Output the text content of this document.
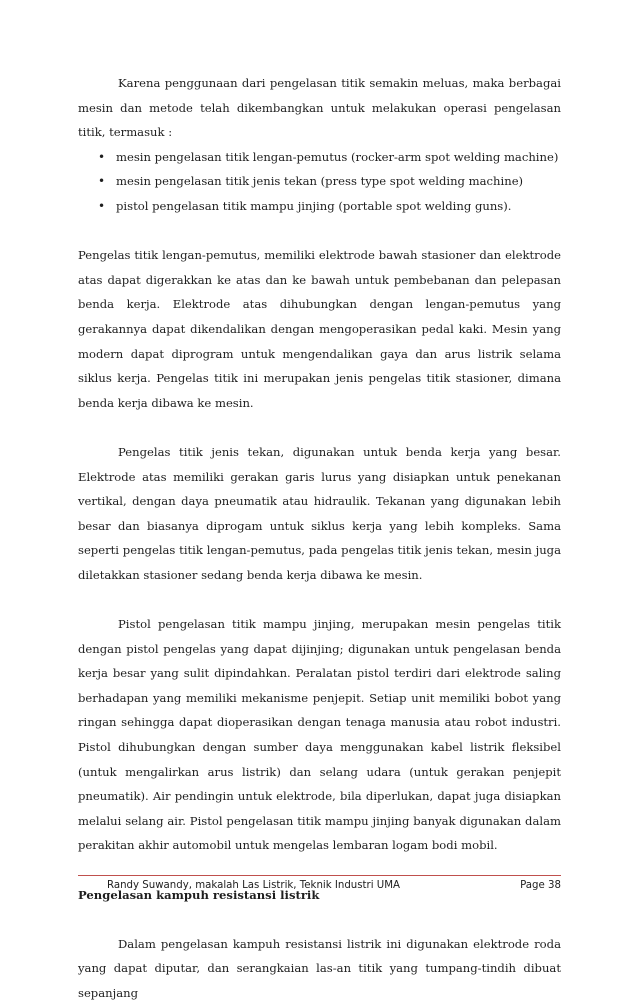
Karena penggunaan dari pengelasan titik semakin meluas, maka berbagai mesin dan metode telah dikembangkan untuk melakukan operasi pengelasan titik, termasuk :

• mesin pengelasan titik lengan-pemutus (rocker-arm spot welding machine)
• mesin pengelasan titik jenis tekan (press type spot welding machine)
• pistol pengelasan titik mampu jinjing (portable spot welding guns).

Pengelas titik lengan-pemutus, memiliki elektrode bawah stasioner dan elektrode atas dapat digerakkan ke atas dan ke bawah untuk pembebanan dan pelepasan benda kerja. Elektrode atas dihubungkan dengan lengan-pemutus yang gerakannya dapat dikendalikan dengan mengoperasikan pedal kaki. Mesin yang modern dapat diprogram untuk mengendalikan gaya dan arus listrik selama siklus kerja. Pengelas titik ini merupakan jenis pengelas titik stasioner, dimana benda kerja dibawa ke mesin.

Pengelas titik jenis tekan, digunakan untuk benda kerja yang besar. Elektrode atas memiliki gerakan garis lurus yang disiapkan untuk penekanan vertikal, dengan daya pneumatik atau hidraulik. Tekanan yang digunakan lebih besar dan biasanya diprogam untuk siklus kerja yang lebih kompleks. Sama seperti pengelas titik lengan-pemutus, pada pengelas titik jenis tekan, mesin juga diletakkan stasioner sedang benda kerja dibawa ke mesin.

Pistol pengelasan titik mampu jinjing, merupakan mesin pengelas titik dengan pistol pengelas yang dapat dijinjing; digunakan untuk pengelasan benda kerja besar yang sulit dipindahkan. Peralatan pistol terdiri dari elektrode saling berhadapan yang memiliki mekanisme penjepit. Setiap unit memiliki bobot yang ringan sehingga dapat dioperasikan dengan tenaga manusia atau robot industri. Pistol dihubungkan dengan sumber daya menggunakan kabel listrik fleksibel (untuk mengalirkan arus listrik) dan selang udara (untuk gerakan penjepit pneumatik). Air pendingin untuk elektrode, bila diperlukan, dapat juga disiapkan melalui selang air. Pistol pengelasan titik mampu jinjing banyak digunakan dalam perakitan akhir automobil untuk mengelas lembaran logam bodi mobil.

Pengelasan kampuh resistansi listrik

Dalam pengelasan kampuh resistansi listrik ini digunakan elektrode roda yang dapat diputar, dan serangkaian las-an titik yang tumpang-tindih dibuat sepanjang

Randy Suwandy, makalah Las Listrik, Teknik Industri UMA	Page 38
